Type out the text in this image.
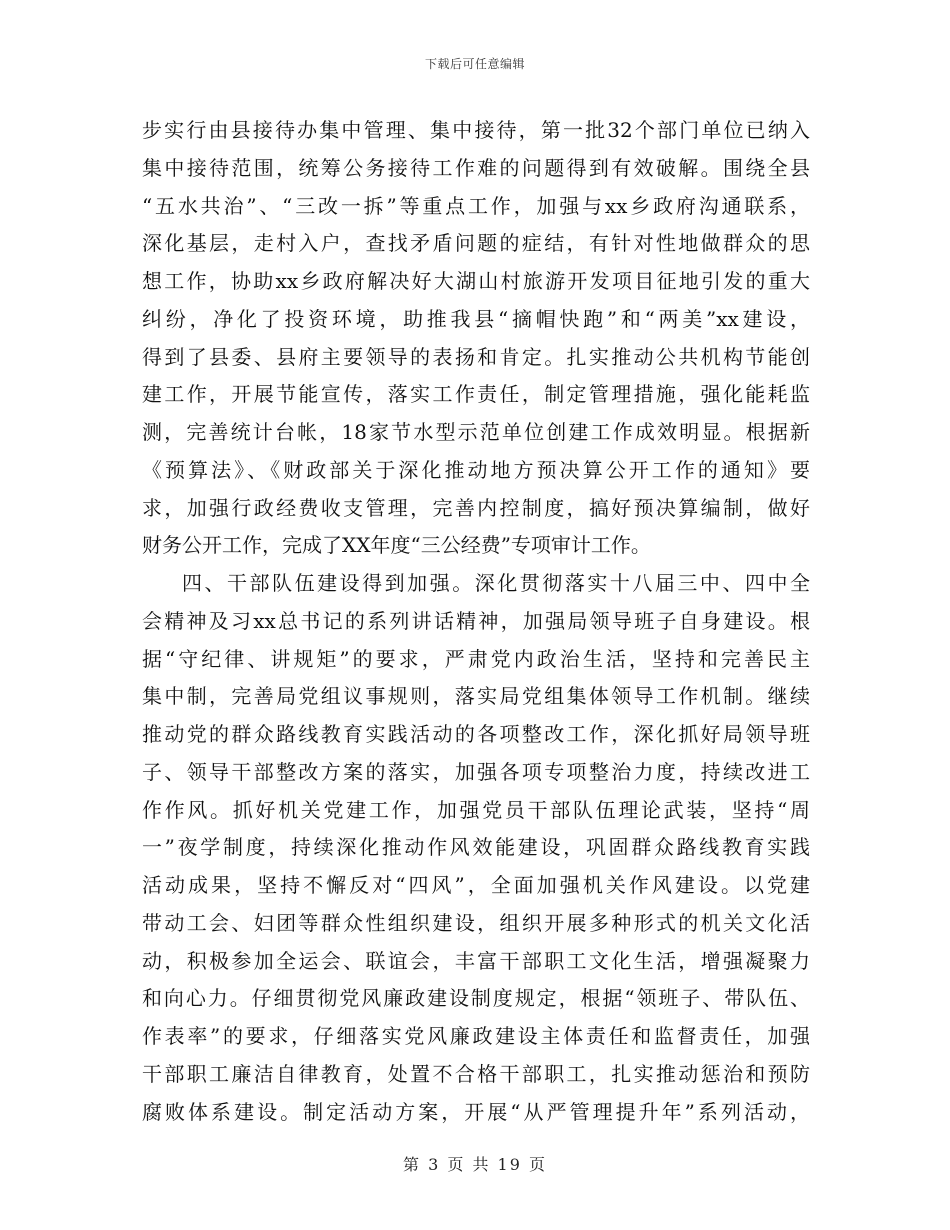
下载后可任意编辑
步实行由县接待办集中管理、集中接待，第一批32个部门单位已纳入
集中接待范围，统筹公务接待工作难的问题得到有效破解。围绕全县
“五水共治”、“三改一拆”等重点工作，加强与xx乡政府沟通联系，
深化基层，走村入户，查找矛盾问题的症结，有针对性地做群众的思
想工作，协助xx乡政府解决好大湖山村旅游开发项目征地引发的重大
纠纷，净化了投资环境，助推我县“摘帽快跑”和“两美”xx建设，
得到了县委、县府主要领导的表扬和肯定。扎实推动公共机构节能创
建工作，开展节能宣传，落实工作责任，制定管理措施，强化能耗监
测，完善统计台帐，18家节水型示范单位创建工作成效明显。根据新
《预算法》、《财政部关于深化推动地方预决算公开工作的通知》要
求，加强行政经费收支管理，完善内控制度，搞好预决算编制，做好
财务公开工作，完成了XX年度“三公经费”专项审计工作。
四、干部队伍建设得到加强。深化贯彻落实十八届三中、四中全
会精神及习xx总书记的系列讲话精神，加强局领导班子自身建设。根
据“守纪律、讲规矩”的要求，严肃党内政治生活，坚持和完善民主
集中制，完善局党组议事规则，落实局党组集体领导工作机制。继续
推动党的群众路线教育实践活动的各项整改工作，深化抓好局领导班
子、领导干部整改方案的落实，加强各项专项整治力度，持续改进工
作作风。抓好机关党建工作，加强党员干部队伍理论武装，坚持“周
一”夜学制度，持续深化推动作风效能建设，巩固群众路线教育实践
活动成果，坚持不懈反对“四风”，全面加强机关作风建设。以党建
带动工会、妇团等群众性组织建设，组织开展多种形式的机关文化活
动，积极参加全运会、联谊会，丰富干部职工文化生活，增强凝聚力
和向心力。仔细贯彻党风廉政建设制度规定，根据“领班子、带队伍、
作表率”的要求，仔细落实党风廉政建设主体责任和监督责任，加强
干部职工廉洁自律教育，处置不合格干部职工，扎实推动惩治和预防
腐败体系建设。制定活动方案，开展“从严管理提升年”系列活动，
第 3 页 共 19 页
